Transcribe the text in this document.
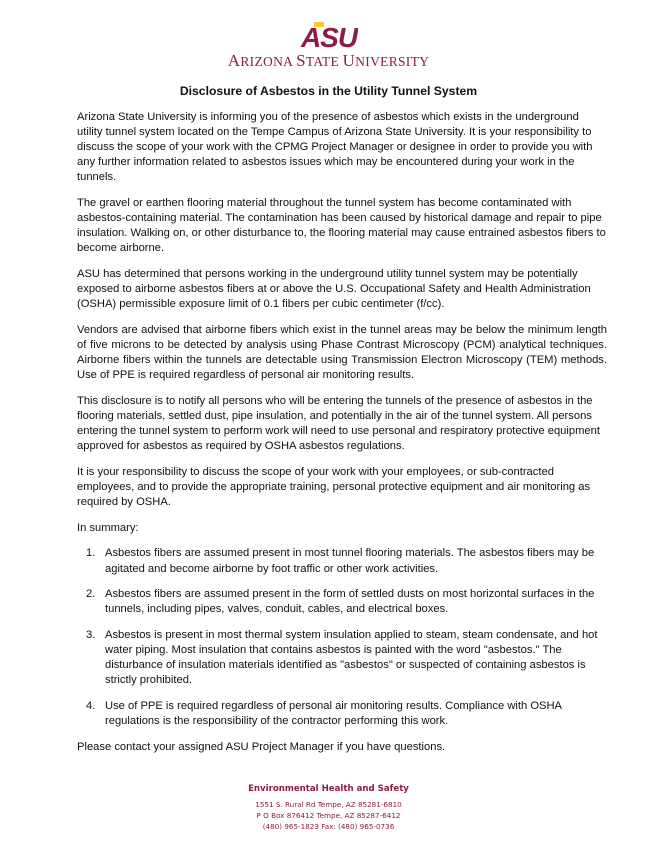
ASU
ARIZONA STATE UNIVERSITY
Disclosure of Asbestos in the Utility Tunnel System

Arizona State University is informing you of the presence of asbestos which exists in the underground utility tunnel system located on the Tempe Campus of Arizona State University. It is your responsibility to discuss the scope of your work with the CPMG Project Manager or designee in order to provide you with any further information related to asbestos issues which may be encountered during your work in the tunnels.

The gravel or earthen flooring material throughout the tunnel system has become contaminated with asbestos-containing material. The contamination has been caused by historical damage and repair to pipe insulation. Walking on, or other disturbance to, the flooring material may cause entrained asbestos fibers to become airborne.

ASU has determined that persons working in the underground utility tunnel system may be potentially exposed to airborne asbestos fibers at or above the U.S. Occupational Safety and Health Administration (OSHA) permissible exposure limit of 0.1 fibers per cubic centimeter (f/cc).

Vendors are advised that airborne fibers which exist in the tunnel areas may be below the minimum length of five microns to be detected by analysis using Phase Contrast Microscopy (PCM) analytical techniques. Airborne fibers within the tunnels are detectable using Transmission Electron Microscopy (TEM) methods. Use of PPE is required regardless of personal air monitoring results.

This disclosure is to notify all persons who will be entering the tunnels of the presence of asbestos in the flooring materials, settled dust, pipe insulation, and potentially in the air of the tunnel system. All persons entering the tunnel system to perform work will need to use personal and respiratory protective equipment approved for asbestos as required by OSHA asbestos regulations.

It is your responsibility to discuss the scope of your work with your employees, or sub-contracted employees, and to provide the appropriate training, personal protective equipment and air monitoring as required by OSHA.

In summary:

1. Asbestos fibers are assumed present in most tunnel flooring materials. The asbestos fibers may be agitated and become airborne by foot traffic or other work activities.
2. Asbestos fibers are assumed present in the form of settled dusts on most horizontal surfaces in the tunnels, including pipes, valves, conduit, cables, and electrical boxes.
3. Asbestos is present in most thermal system insulation applied to steam, steam condensate, and hot water piping. Most insulation that contains asbestos is painted with the word "asbestos." The disturbance of insulation materials identified as "asbestos" or suspected of containing asbestos is strictly prohibited.
4. Use of PPE is required regardless of personal air monitoring results. Compliance with OSHA regulations is the responsibility of the contractor performing this work.

Please contact your assigned ASU Project Manager if you have questions.

Environmental Health and Safety
1551 S. Rural Rd Tempe, AZ 85281-6810
P O Box 876412 Tempe, AZ 85287-6412
(480) 965-1823 Fax: (480) 965-0736
